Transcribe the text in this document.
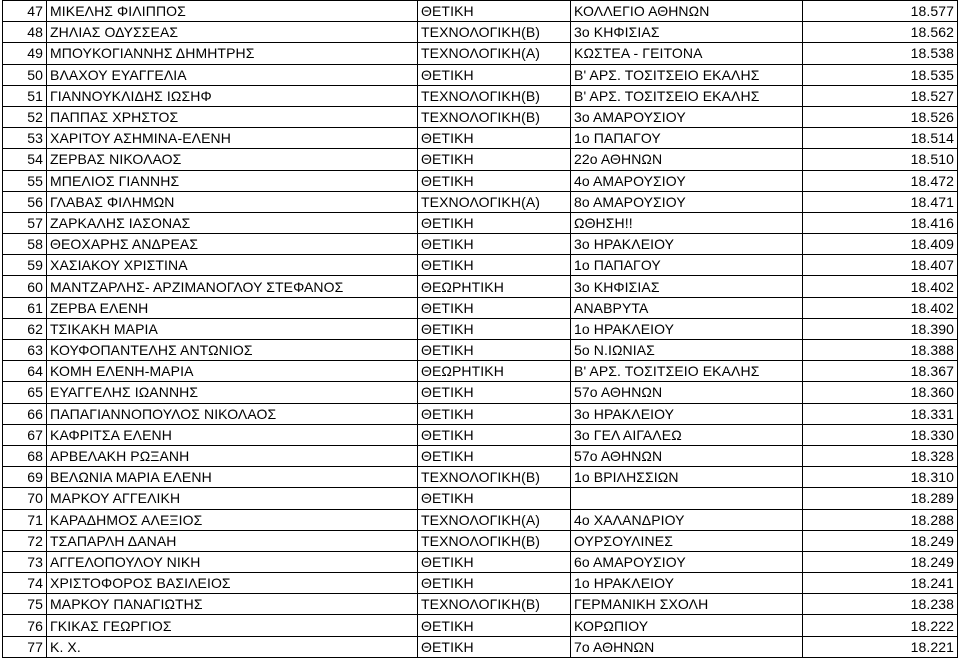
47	ΜΙΚΕΛΗΣ ΦΙΛΙΠΠΟΣ	ΘΕΤΙΚΗ	ΚΟΛΛΕΓΙΟ ΑΘΗΝΩΝ	18.577
48	ΖΗΛΙΑΣ ΟΔΥΣΣΕΑΣ	ΤΕΧΝΟΛΟΓΙΚΗ(Β)	3ο ΚΗΦΙΣΙΑΣ	18.562
49	ΜΠΟΥΚΟΓΙΑΝΝΗΣ ΔΗΜΗΤΡΗΣ	ΤΕΧΝΟΛΟΓΙΚΗ(Α)	ΚΩΣΤΕΑ - ΓΕΙΤΟΝΑ	18.538
50	ΒΛΑΧΟΥ ΕΥΑΓΓΕΛΙΑ	ΘΕΤΙΚΗ	Β' ΑΡΣ. ΤΟΣΙΤΣΕΙΟ ΕΚΑΛΗΣ	18.535
51	ΓΙΑΝΝΟΥΚΛΙΔΗΣ ΙΩΣΗΦ	ΤΕΧΝΟΛΟΓΙΚΗ(Β)	Β' ΑΡΣ. ΤΟΣΙΤΣΕΙΟ ΕΚΑΛΗΣ	18.527
52	ΠΑΠΠΑΣ ΧΡΗΣΤΟΣ	ΤΕΧΝΟΛΟΓΙΚΗ(Β)	3ο ΑΜΑΡΟΥΣΙΟΥ	18.526
53	ΧΑΡΙΤΟΥ ΑΣΗΜΙΝΑ-ΕΛΕΝΗ	ΘΕΤΙΚΗ	1ο ΠΑΠΑΓΟΥ	18.514
54	ΖΕΡΒΑΣ ΝΙΚΟΛΑΟΣ	ΘΕΤΙΚΗ	22ο ΑΘΗΝΩΝ	18.510
55	ΜΠΕΛΙΟΣ ΓΙΑΝΝΗΣ	ΘΕΤΙΚΗ	4ο ΑΜΑΡΟΥΣΙΟΥ	18.472
56	ΓΛΑΒΑΣ ΦΙΛΗΜΩΝ	ΤΕΧΝΟΛΟΓΙΚΗ(Α)	8ο ΑΜΑΡΟΥΣΙΟΥ	18.471
57	ΖΑΡΚΑΛΗΣ ΙΑΣΟΝΑΣ	ΘΕΤΙΚΗ	ΩΘΗΣΗ!!	18.416
58	ΘΕΟΧΑΡΗΣ ΑΝΔΡΕΑΣ	ΘΕΤΙΚΗ	3ο ΗΡΑΚΛΕΙΟΥ	18.409
59	ΧΑΣΙΑΚΟΥ ΧΡΙΣΤΙΝΑ	ΘΕΤΙΚΗ	1ο ΠΑΠΑΓΟΥ	18.407
60	ΜΑΝΤΖΑΡΛΗΣ- ΑΡΖΙΜΑΝΟΓΛΟΥ ΣΤΕΦΑΝΟΣ	ΘΕΩΡΗΤΙΚΗ	3ο ΚΗΦΙΣΙΑΣ	18.402
61	ΖΕΡΒΑ ΕΛΕΝΗ	ΘΕΤΙΚΗ	ΑΝΑΒΡΥΤΑ	18.402
62	ΤΣΙΚΑΚΗ ΜΑΡΙΑ	ΘΕΤΙΚΗ	1ο ΗΡΑΚΛΕΙΟΥ	18.390
63	ΚΟΥΦΟΠΑΝΤΕΛΗΣ ΑΝΤΩΝΙΟΣ	ΘΕΤΙΚΗ	5ο Ν.ΙΩΝΙΑΣ	18.388
64	ΚΟΜΗ ΕΛΕΝΗ-ΜΑΡΙΑ	ΘΕΩΡΗΤΙΚΗ	Β' ΑΡΣ. ΤΟΣΙΤΣΕΙΟ ΕΚΑΛΗΣ	18.367
65	ΕΥΑΓΓΕΛΗΣ ΙΩΑΝΝΗΣ	ΘΕΤΙΚΗ	57ο ΑΘΗΝΩΝ	18.360
66	ΠΑΠΑΓΙΑΝΝΟΠΟΥΛΟΣ ΝΙΚΟΛΑΟΣ	ΘΕΤΙΚΗ	3ο ΗΡΑΚΛΕΙΟΥ	18.331
67	ΚΑΦΡΙΤΣΑ ΕΛΕΝΗ	ΘΕΤΙΚΗ	3ο ΓΕΛ ΑΙΓΑΛΕΩ	18.330
68	ΑΡΒΕΛΑΚΗ ΡΩΞΑΝΗ	ΘΕΤΙΚΗ	57ο ΑΘΗΝΩΝ	18.328
69	ΒΕΛΩΝΙΑ ΜΑΡΙΑ ΕΛΕΝΗ	ΤΕΧΝΟΛΟΓΙΚΗ(Β)	1ο ΒΡΙΛΗΣΣΙΩΝ	18.310
70	ΜΑΡΚΟΥ ΑΓΓΕΛΙΚΗ	ΘΕΤΙΚΗ		18.289
71	ΚΑΡΑΔΗΜΟΣ ΑΛΕΞΙΟΣ	ΤΕΧΝΟΛΟΓΙΚΗ(Α)	4ο ΧΑΛΑΝΔΡΙΟΥ	18.288
72	ΤΣΑΠΑΡΛΗ ΔΑΝΑΗ	ΤΕΧΝΟΛΟΓΙΚΗ(Β)	ΟΥΡΣΟΥΛΙΝΕΣ	18.249
73	ΑΓΓΕΛΟΠΟΥΛΟΥ ΝΙΚΗ	ΘΕΤΙΚΗ	6ο ΑΜΑΡΟΥΣΙΟΥ	18.249
74	ΧΡΙΣΤΟΦΟΡΟΣ ΒΑΣΙΛΕΙΟΣ	ΘΕΤΙΚΗ	1ο ΗΡΑΚΛΕΙΟΥ	18.241
75	ΜΑΡΚΟΥ ΠΑΝΑΓΙΩΤΗΣ	ΤΕΧΝΟΛΟΓΙΚΗ(Β)	ΓΕΡΜΑΝΙΚΗ ΣΧΟΛΗ	18.238
76	ΓΚΙΚΑΣ ΓΕΩΡΓΙΟΣ	ΘΕΤΙΚΗ	ΚΟΡΩΠΙΟΥ	18.222
77	Κ. Χ.	ΘΕΤΙΚΗ	7ο ΑΘΗΝΩΝ	18.221
